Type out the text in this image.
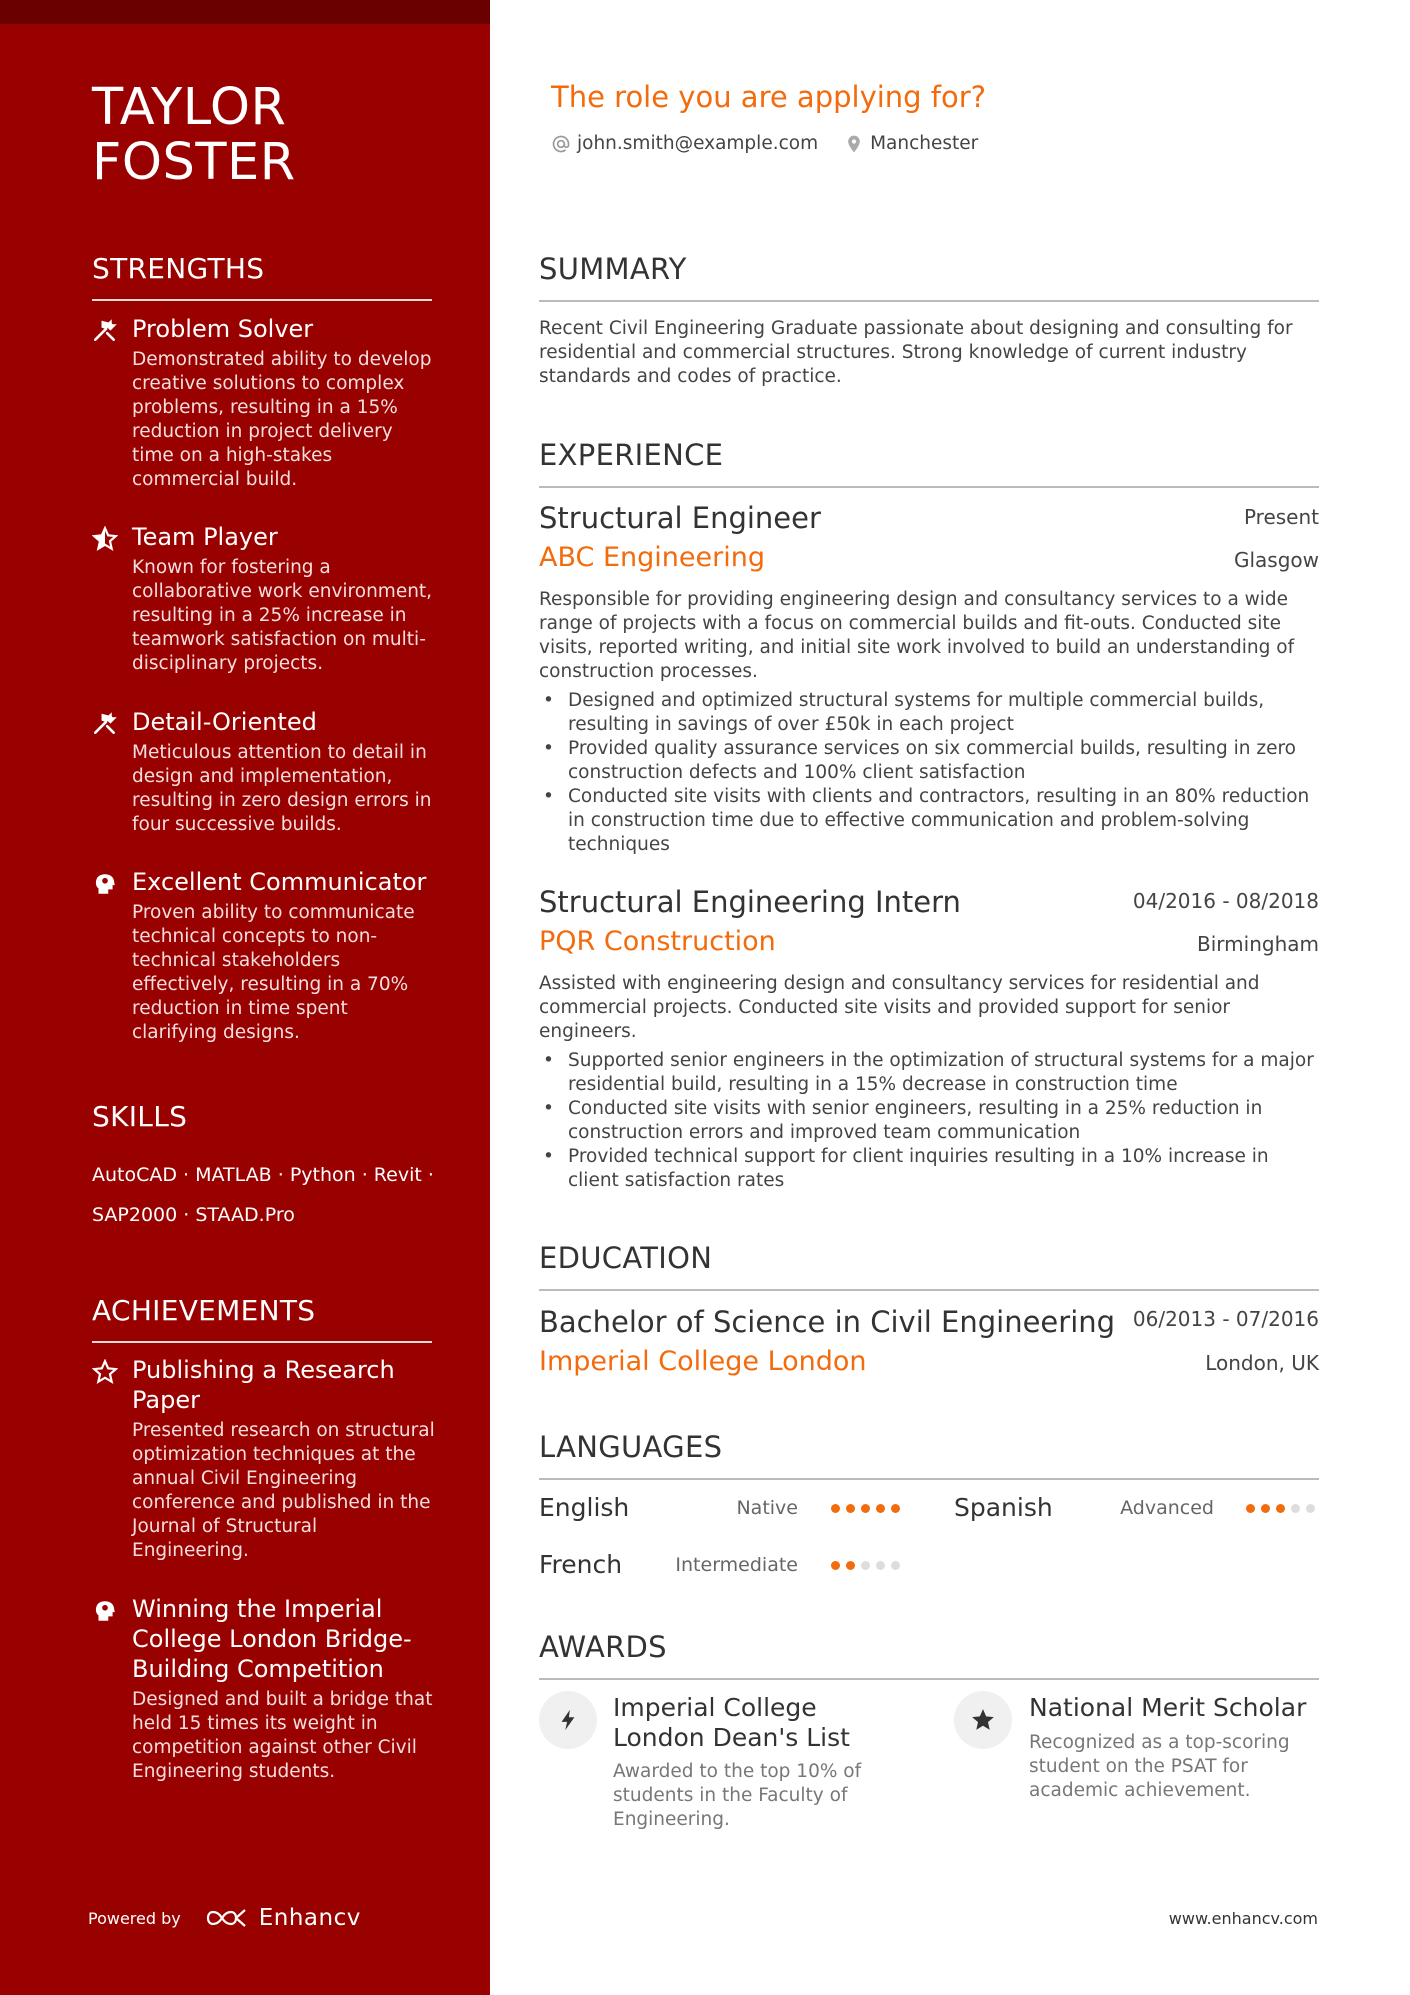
TAYLOR
FOSTER
STRENGTHS
Problem Solver
Demonstrated ability to develop creative solutions to complex problems, resulting in a 15% reduction in project delivery time on a high-stakes commercial build.
Team Player
Known for fostering a collaborative work environment, resulting in a 25% increase in teamwork satisfaction on multi-disciplinary projects.
Detail-Oriented
Meticulous attention to detail in design and implementation, resulting in zero design errors in four successive builds.
Excellent Communicator
Proven ability to communicate technical concepts to non-technical stakeholders effectively, resulting in a 70% reduction in time spent clarifying designs.
SKILLS
AutoCAD · MATLAB · Python · Revit ·
SAP2000 · STAAD.Pro
ACHIEVEMENTS
Publishing a Research Paper
Presented research on structural optimization techniques at the annual Civil Engineering conference and published in the Journal of Structural Engineering.
Winning the Imperial College London Bridge-Building Competition
Designed and built a bridge that held 15 times its weight in competition against other Civil Engineering students.
Powered by	Enhancv
The role you are applying for?
john.smith@example.com	Manchester
SUMMARY
Recent Civil Engineering Graduate passionate about designing and consulting for residential and commercial structures. Strong knowledge of current industry standards and codes of practice.
EXPERIENCE
Structural Engineer	Present
ABC Engineering	Glasgow
Responsible for providing engineering design and consultancy services to a wide range of projects with a focus on commercial builds and fit-outs. Conducted site visits, reported writing, and initial site work involved to build an understanding of construction processes.
• Designed and optimized structural systems for multiple commercial builds, resulting in savings of over £50k in each project
• Provided quality assurance services on six commercial builds, resulting in zero construction defects and 100% client satisfaction
• Conducted site visits with clients and contractors, resulting in an 80% reduction in construction time due to effective communication and problem-solving techniques
Structural Engineering Intern	04/2016 - 08/2018
PQR Construction	Birmingham
Assisted with engineering design and consultancy services for residential and commercial projects. Conducted site visits and provided support for senior engineers.
• Supported senior engineers in the optimization of structural systems for a major residential build, resulting in a 15% decrease in construction time
• Conducted site visits with senior engineers, resulting in a 25% reduction in construction errors and improved team communication
• Provided technical support for client inquiries resulting in a 10% increase in client satisfaction rates
EDUCATION
Bachelor of Science in Civil Engineering 06/2013 - 07/2016
Imperial College London	London, UK
LANGUAGES
English	Native	Spanish	Advanced
French	Intermediate
AWARDS
Imperial College London Dean's List
Awarded to the top 10% of students in the Faculty of Engineering.
National Merit Scholar
Recognized as a top-scoring student on the PSAT for academic achievement.
www.enhancv.com
